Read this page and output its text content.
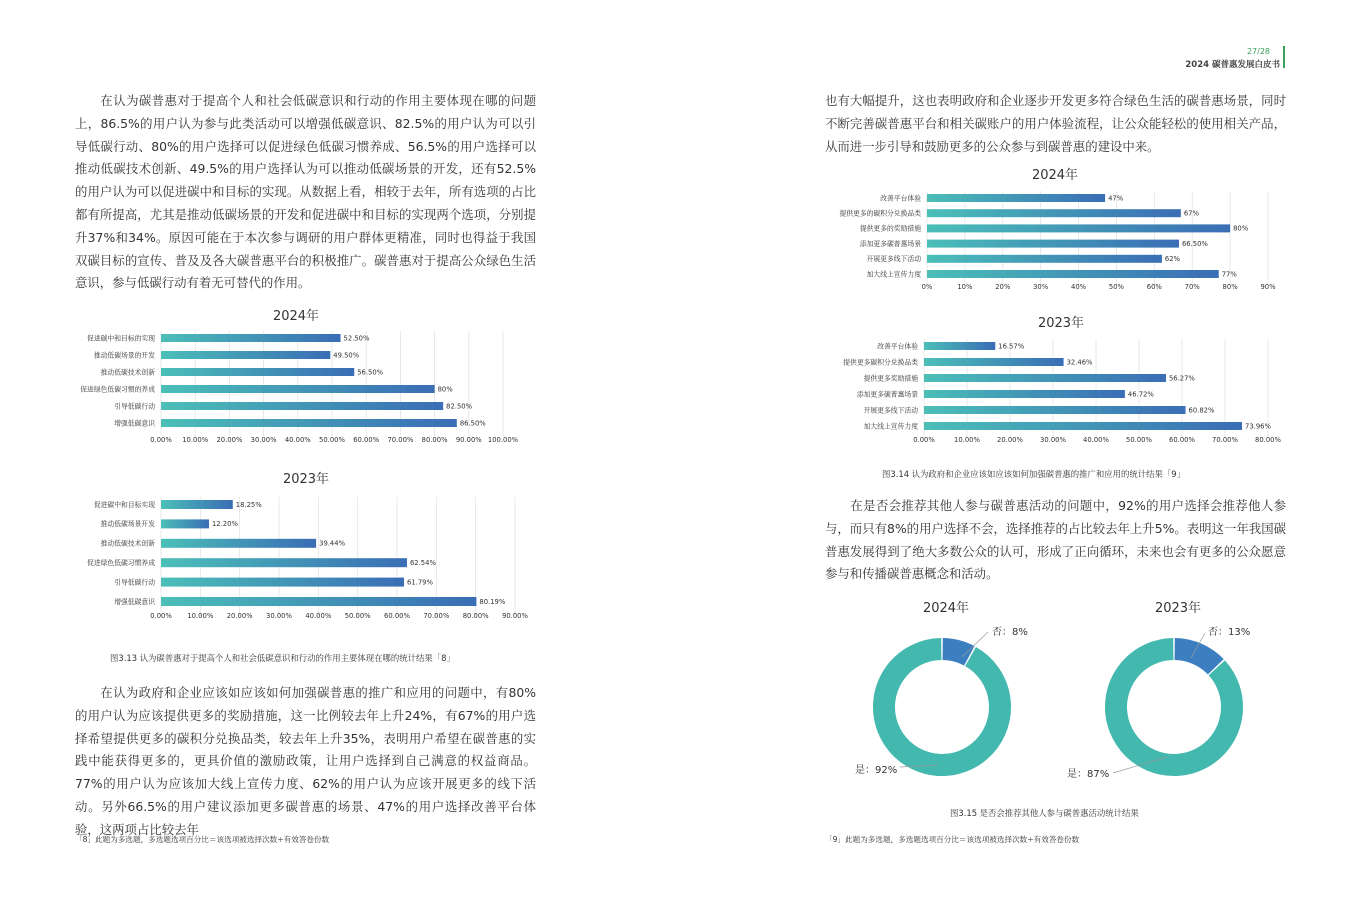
27/28
2024 碳普惠发展白皮书

在认为碳普惠对于提高个人和社会低碳意识和行动的作用主要体现在哪的问题上，86.5%的用户认为参与此类活动可以增强低碳意识、82.5%的用户认为可以引导低碳行动、80%的用户选择可以促进绿色低碳习惯养成、56.5%的用户选择可以推动低碳技术创新、49.5%的用户选择认为可以推动低碳场景的开发，还有52.5%的用户认为可以促进碳中和目标的实现。从数据上看，相较于去年，所有选项的占比都有所提高，尤其是推动低碳场景的开发和促进碳中和目标的实现两个选项，分别提升37%和34%。原因可能在于本次参与调研的用户群体更精准，同时也得益于我国双碳目标的宣传、普及及各大碳普惠平台的积极推广。碳普惠对于提高公众绿色生活意识，参与低碳行动有着无可替代的作用。

2024年
0.00% 10.00% 20.00% 30.00% 40.00% 50.00% 60.00% 70.00% 80.00% 90.00% 100.00%
促进碳中和目标的实现	52.50%
推动低碳场景的开发	49.50%
推动低碳技术创新	56.50%
促进绿色低碳习惯的养成	80%
引导低碳行动	82.50%
增强低碳意识	86.50%
2023年
0.00% 10.00% 20.00% 30.00% 40.00% 50.00% 60.00% 70.00% 80.00% 90.00%
促进碳中和目标实现	18.25%
推动低碳场景开发	12.20%
推动低碳技术创新	39.44%
促进绿色低碳习惯养成	62.54%
引导低碳行动	61.79%
增强低碳意识	80.19%
图3.13 认为碳普惠对于提高个人和社会低碳意识和行动的作用主要体现在哪的统计结果「8」

在认为政府和企业应该如应该如何加强碳普惠的推广和应用的问题中，有80%的用户认为应该提供更多的奖励措施，这一比例较去年上升24%，有67%的用户选择希望提供更多的碳积分兑换品类，较去年上升35%，表明用户希望在碳普惠的实践中能获得更多的，更具价值的激励政策，让用户选择到自己满意的权益商品。77%的用户认为应该加大线上宣传力度、62%的用户认为应该开展更多的线下活动。另外66.5%的用户建议添加更多碳普惠的场景、47%的用户选择改善平台体验，这两项占比较去年

「8」此题为多选题，多选题选项百分比＝该选项被选择次数÷有效答卷份数

也有大幅提升，这也表明政府和企业逐步开发更多符合绿色生活的碳普惠场景，同时不断完善碳普惠平台和相关碳账户的用户体验流程，让公众能轻松的使用相关产品，从而进一步引导和鼓励更多的公众参与到碳普惠的建设中来。

2024年
0%	10%	20%	30%	40%	50%	60%	70%	80%	90%
改善平台体验	47%
提供更多的碳积分兑换品类	67%
提供更多的奖励措施	80%
添加更多碳普惠场景	66.50%
开展更多线下活动	62%
加大线上宣传力度	77%
2023年
0.00%	10.00%	20.00%	30.00%	40.00%	50.00%	60.00%	70.00%	80.00%
改善平台体验	16.57%
提供更多碳积分兑换品类	32.46%
提供更多奖励措施	56.27%
添加更多碳普惠场景	46.72%
开展更多线下活动	60.82%
加大线上宣传力度	73.96%
图3.14 认为政府和企业应该如应该如何加强碳普惠的推广和应用的统计结果「9」

在是否会推荐其他人参与碳普惠活动的问题中，92%的用户选择会推荐他人参与，而只有8%的用户选择不会，选择推荐的占比较去年上升5%。表明这一年我国碳普惠发展得到了绝大多数公众的认可，形成了正向循环，未来也会有更多的公众愿意参与和传播碳普惠概念和活动。

2024年
否：8%
是：92%
2023年
否：13%
是：87%
图3.15 是否会推荐其他人参与碳普惠活动统计结果
「9」此题为多选题，多选题选项百分比＝该选项被选择次数÷有效答卷份数
